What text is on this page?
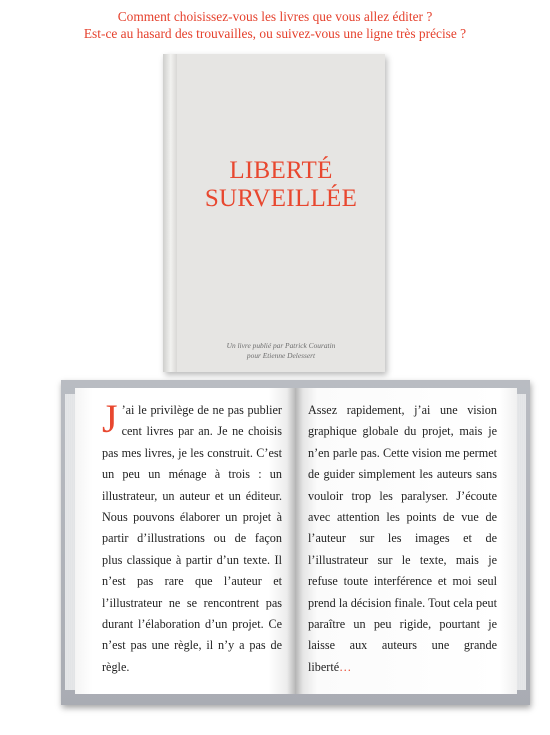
Comment choisissez-vous les livres que vous allez éditer ?
Est-ce au hasard des trouvailles, ou suivez-vous une ligne très précise ?
LIBERTÉ
SURVEILLÉE
Un livre publié par Patrick Couratin
pour Etienne Delessert
J ’ai le privilège de ne pas publier cent livres par an. Je ne choisis pas mes livres, je les construit. C’est un peu un ménage à trois : un illustrateur, un auteur et un éditeur. Nous pouvons élaborer un projet à partir d’illustrations ou de façon plus classique à partir d’un texte. Il n’est pas rare que l’auteur et l’illustrateur ne se rencontrent pas durant l’élaboration d’un projet. Ce n’est pas une règle, il n’y a pas de règle.
Assez rapidement, j’ai une vision graphique globale du projet, mais je n’en parle pas. Cette vision me permet de guider simplement les auteurs sans vouloir trop les paralyser. J’écoute avec attention les points de vue de l’auteur sur les images et de l’illustrateur sur le texte, mais je refuse toute interférence et moi seul prend la décision finale. Tout cela peut paraître un peu rigide, pourtant je laisse aux auteurs une grande liberté…
